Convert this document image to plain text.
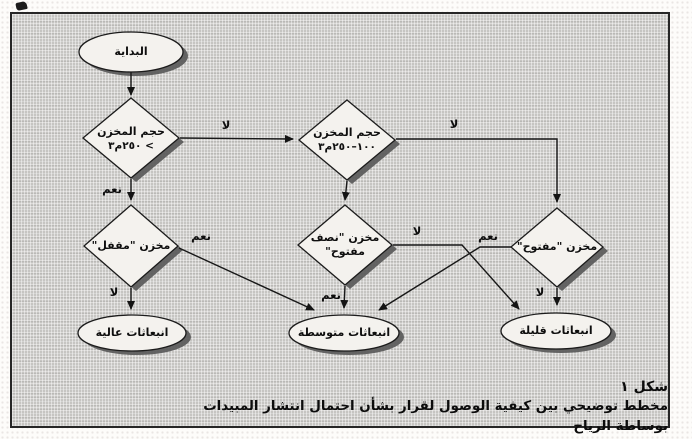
البداية
حجم المخزن
> ٢٥٠م٣
حجم المخزن
١٠٠–٢٥٠م٣
مخزن "مقفل"
مخزن "نصف
مفتوح"	مخزن "مفتوح"
انبعاثات عالية	انبعاثات متوسطة	انبعاثات قليلة
لا
نعم
لا
لا
نعم
نعم
لا	نعم
لا
شكل ١
مخطط توضيحي بين كيفية الوصول لقرار بشأن احتمال انتشار المبيدات بوساطة الرياح
